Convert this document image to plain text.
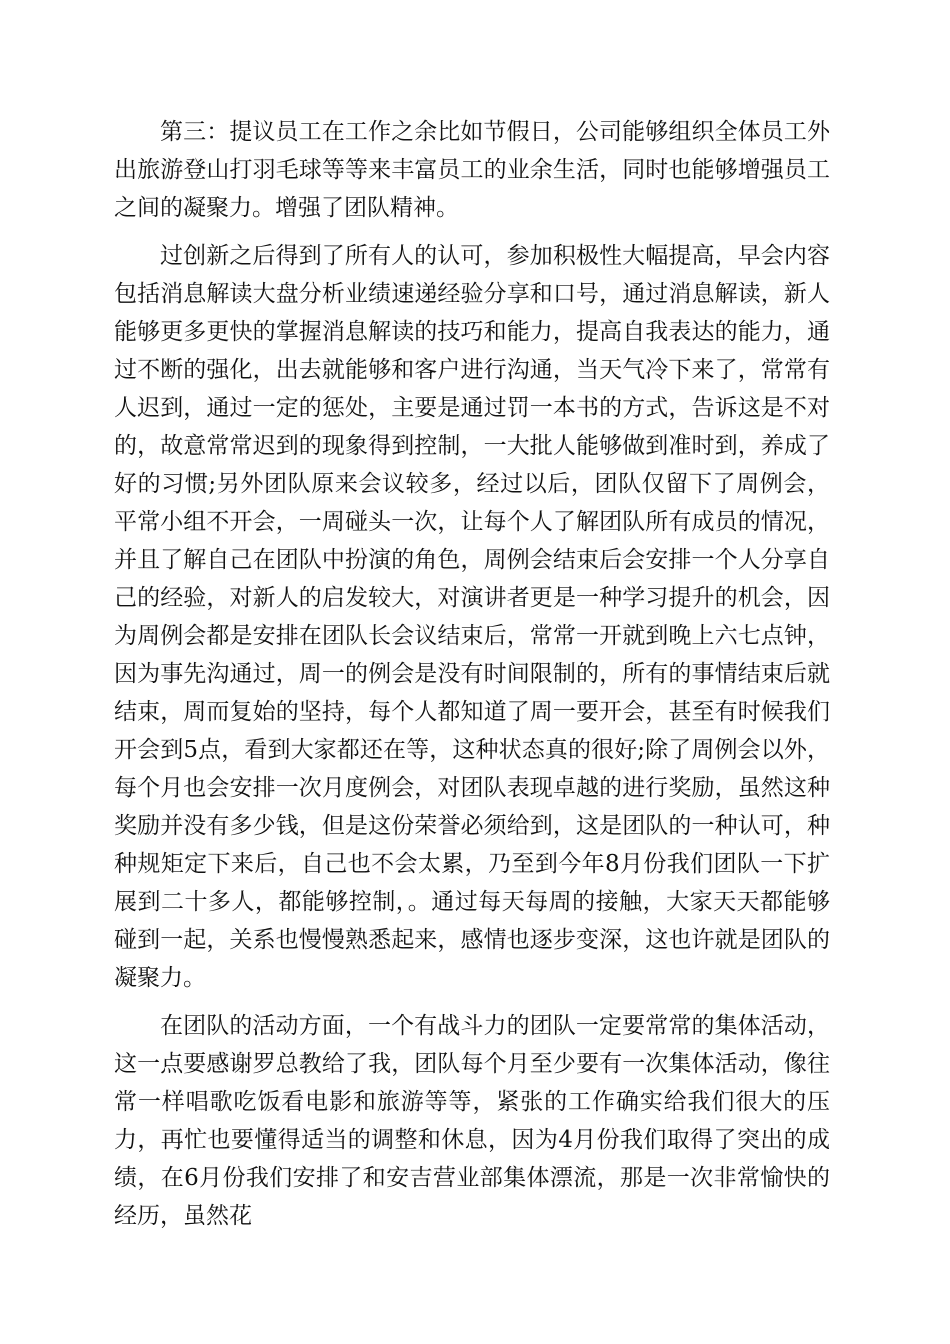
第三：提议员工在工作之余比如节假日，公司能够组织全体员工外出旅游登山打羽毛球等等来丰富员工的业余生活，同时也能够增强员工之间的凝聚力。增强了团队精神。

过创新之后得到了所有人的认可，参加积极性大幅提高，早会内容包括消息解读大盘分析业绩速递经验分享和口号，通过消息解读，新人能够更多更快的掌握消息解读的技巧和能力，提高自我表达的能力，通过不断的强化，出去就能够和客户进行沟通，当天气冷下来了，常常有人迟到，通过一定的惩处，主要是通过罚一本书的方式，告诉这是不对的，故意常常迟到的现象得到控制，一大批人能够做到准时到，养成了好的习惯;另外团队原来会议较多，经过以后，团队仅留下了周例会，平常小组不开会，一周碰头一次，让每个人了解团队所有成员的情况，并且了解自己在团队中扮演的角色，周例会结束后会安排一个人分享自己的经验，对新人的启发较大，对演讲者更是一种学习提升的机会，因为周例会都是安排在团队长会议结束后，常常一开就到晚上六七点钟，因为事先沟通过，周一的例会是没有时间限制的，所有的事情结束后就结束，周而复始的坚持，每个人都知道了周一要开会，甚至有时候我们开会到5点，看到大家都还在等，这种状态真的很好;除了周例会以外，每个月也会安排一次月度例会，对团队表现卓越的进行奖励，虽然这种奖励并没有多少钱，但是这份荣誉必须给到，这是团队的一种认可，种种规矩定下来后，自己也不会太累，乃至到今年8月份我们团队一下扩展到二十多人，都能够控制，。通过每天每周的接触，大家天天都能够碰到一起，关系也慢慢熟悉起来，感情也逐步变深，这也许就是团队的凝聚力。

在团队的活动方面，一个有战斗力的团队一定要常常的集体活动，这一点要感谢罗总教给了我，团队每个月至少要有一次集体活动，像往常一样唱歌吃饭看电影和旅游等等，紧张的工作确实给我们很大的压力，再忙也要懂得适当的调整和休息，因为4月份我们取得了突出的成绩，在6月份我们安排了和安吉营业部集体漂流，那是一次非常愉快的经历，虽然花
